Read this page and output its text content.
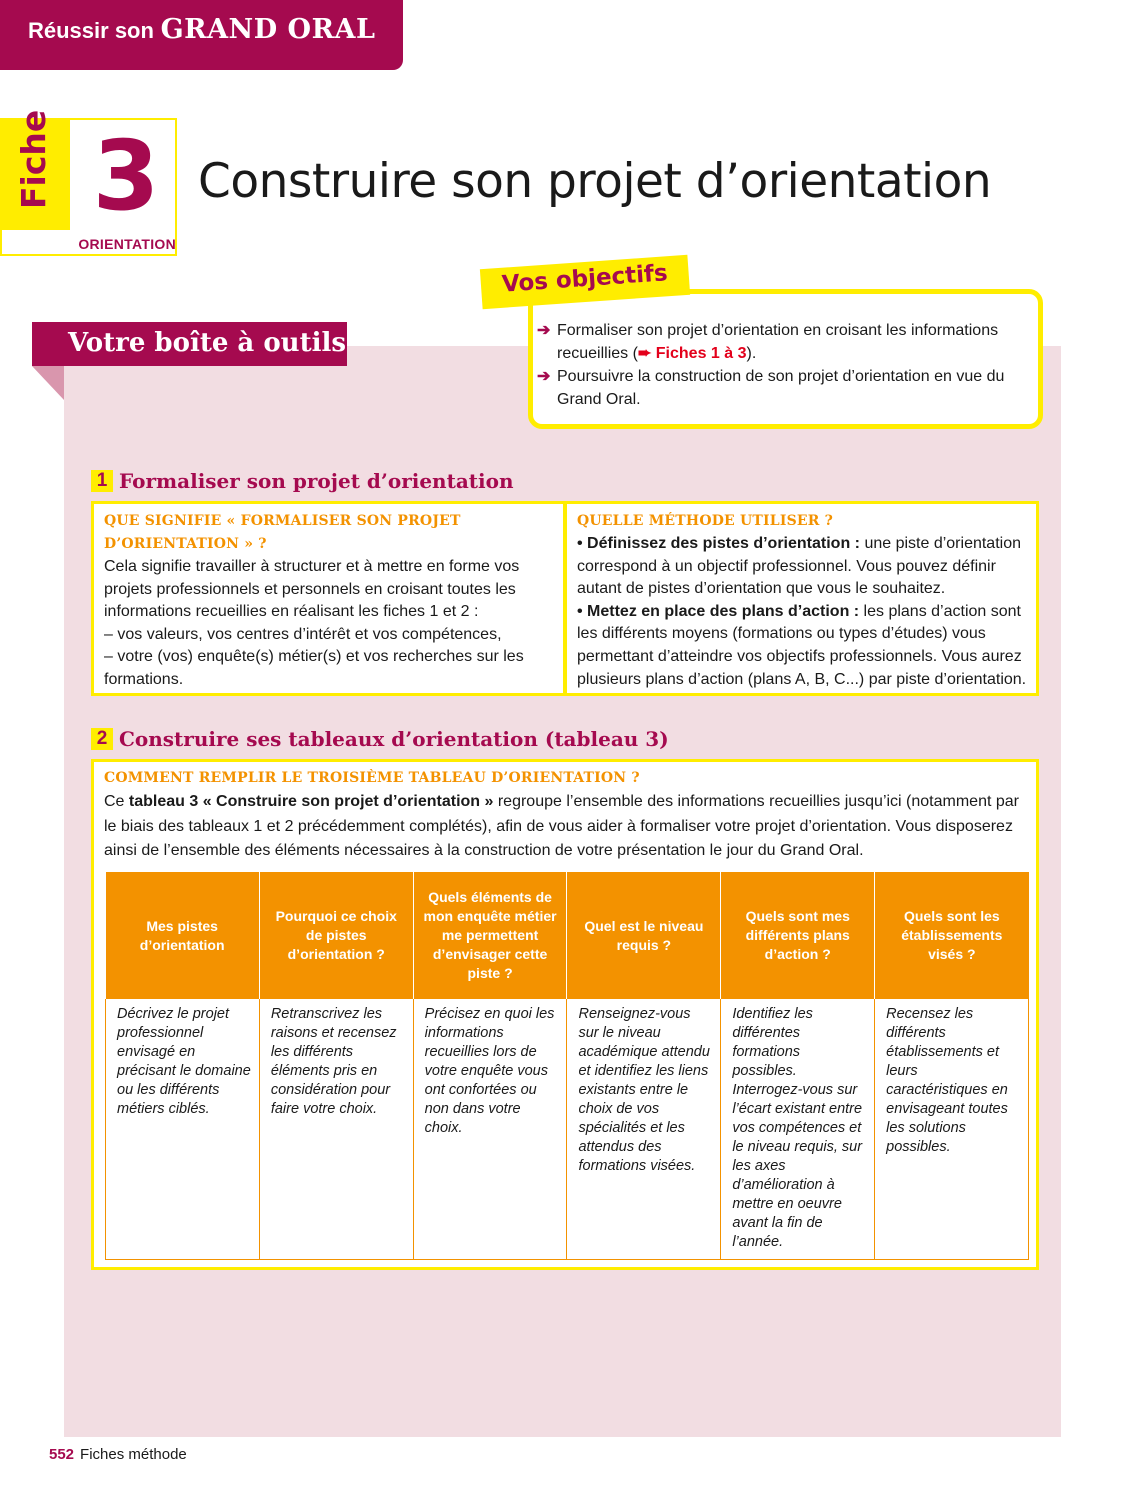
Réussir son GRAND ORAL
Fiche 3
ORIENTATION
Construire son projet d’orientation
Votre boîte à outils	➔ Formaliser son projet d’orientation en croisant les informations recueillies (➨ Fiches 1 à 3).
➔ Poursuivre la construction de son projet d’orientation en vue du Grand Oral.
Vos objectifs
1 Formaliser son projet d’orientation
QUE SIGNIFIE « FORMALISER SON PROJET D’ORIENTATION » ?

Cela signifie travailler à structurer et à mettre en forme vos projets professionnels et personnels en croisant toutes les informations recueillies en réalisant les fiches 1 et 2 :

– vos valeurs, vos centres d’intérêt et vos compétences,

– votre (vos) enquête(s) métier(s) et vos recherches sur les formations.

QUELLE MÉTHODE UTILISER ?

• Définissez des pistes d’orientation : une piste d’orientation correspond à un objectif professionnel. Vous pouvez définir autant de pistes d’orientation que vous le souhaitez.

• Mettez en place des plans d’action : les plans d’action sont les différents moyens (formations ou types d’études) vous permettant d’atteindre vos objectifs professionnels. Vous aurez plusieurs plans d’action (plans A, B, C...) par piste d’orientation.

2 Construire ses tableaux d’orientation (tableau 3)
COMMENT REMPLIR LE TROISIÈME TABLEAU D’ORIENTATION ?
Ce tableau 3 « Construire son projet d’orientation » regroupe l’ensemble des informations recueillies jusqu’ici (notamment par le biais des tableaux 1 et 2 précédemment complétés), afin de vous aider à formaliser votre projet d’orientation. Vous disposerez ainsi de l’ensemble des éléments nécessaires à la construction de votre présentation le jour du Grand Oral.
Mes pistes d’orientation	Pourquoi ce choix de pistes d’orientation ?	Quels éléments de mon enquête métier me permettent d’envisager cette piste ?	Quel est le niveau requis ?	Quels sont mes différents plans d’action ?	Quels sont les établissements visés ?
Décrivez le projet professionnel envisagé en précisant le domaine ou les différents métiers ciblés.	Retranscrivez les raisons et recensez les différents éléments pris en considération pour faire votre choix.	Précisez en quoi les informations recueillies lors de votre enquête vous ont confortées ou non dans votre choix.	Renseignez-vous sur le niveau académique attendu et identifiez les liens existants entre le choix de vos spécialités et les attendus des formations visées.	Identifiez les différentes formations possibles. Interrogez-vous sur l’écart existant entre vos compétences et le niveau requis, sur les axes d’amélioration à mettre en oeuvre avant la fin de l’année.	Recensez les différents établissements et leurs caractéristiques en envisageant toutes les solutions possibles.
552 Fiches méthode
